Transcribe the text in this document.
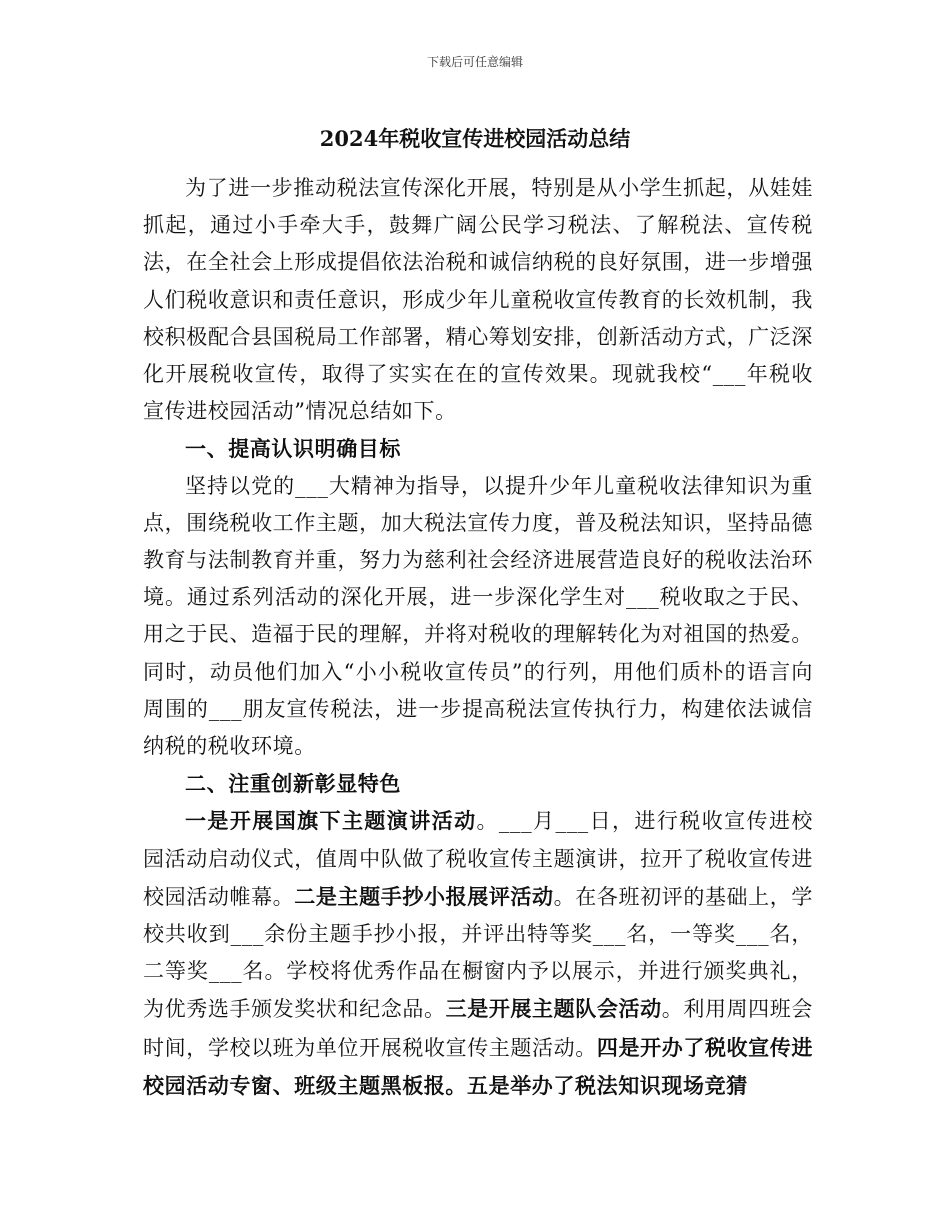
下载后可任意编辑
2024年税收宣传进校园活动总结

为了进一步推动税法宣传深化开展，特别是从小学生抓起，从娃娃抓起，通过小手牵大手，鼓舞广阔公民学习税法、了解税法、宣传税法，在全社会上形成提倡依法治税和诚信纳税的良好氛围，进一步增强人们税收意识和责任意识，形成少年儿童税收宣传教育的长效机制，我校积极配合县国税局工作部署，精心筹划安排，创新活动方式，广泛深化开展税收宣传，取得了实实在在的宣传效果。现就我校“___年税收宣传进校园活动”情况总结如下。

一、提高认识明确目标

坚持以党的___大精神为指导，以提升少年儿童税收法律知识为重点，围绕税收工作主题，加大税法宣传力度，普及税法知识，坚持品德教育与法制教育并重，努力为慈利社会经济进展营造良好的税收法治环境。通过系列活动的深化开展，进一步深化学生对___税收取之于民、用之于民、造福于民的理解，并将对税收的理解转化为对祖国的热爱。同时，动员他们加入“小小税收宣传员”的行列，用他们质朴的语言向周围的___朋友宣传税法，进一步提高税法宣传执行力，构建依法诚信纳税的税收环境。

二、注重创新彰显特色

一是开展国旗下主题演讲活动。___月___日，进行税收宣传进校园活动启动仪式，值周中队做了税收宣传主题演讲，拉开了税收宣传进校园活动帷幕。二是主题手抄小报展评活动。在各班初评的基础上，学校共收到___余份主题手抄小报，并评出特等奖___名，一等奖___名，二等奖___名。学校将优秀作品在橱窗内予以展示，并进行颁奖典礼，为优秀选手颁发奖状和纪念品。三是开展主题队会活动。利用周四班会时间，学校以班为单位开展税收宣传主题活动。四是开办了税收宣传进校园活动专窗、班级主题黑板报。五是举办了税法知识现场竞猜
